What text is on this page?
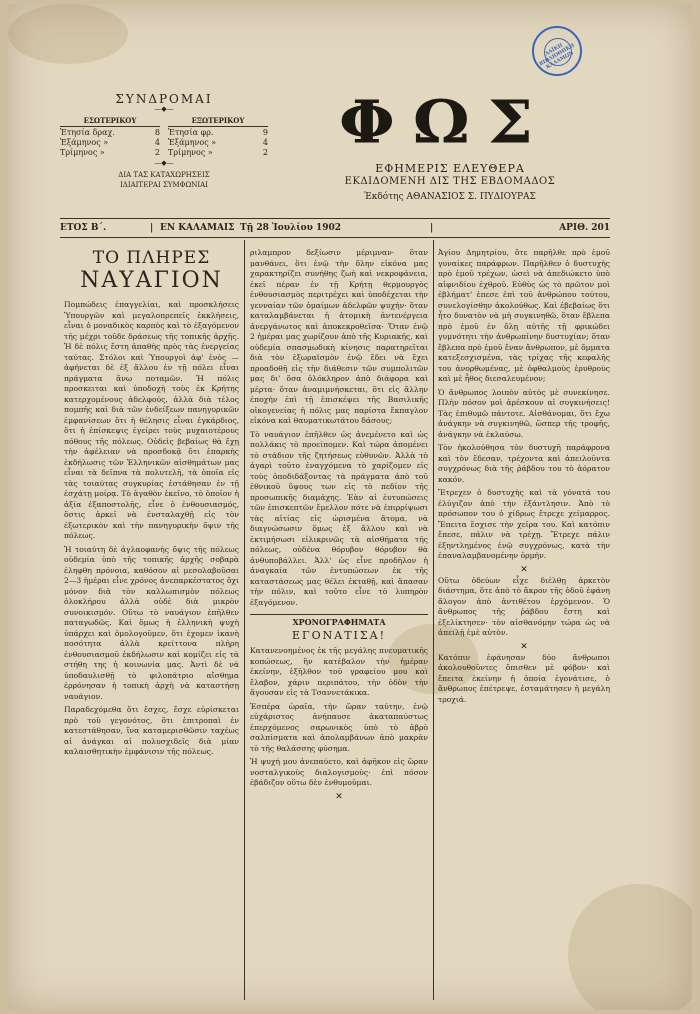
ΛΑΪΚΗ ΒΙΒΛΙΟΘΗΚΗ ΚΑΛΑΜΩΝ
ΣΥΝΔΡΟΜΑΙ
—◆—
ΕΣΩΤΕΡΙΚΟΥ
Ἐτησία δραχ.	8
Ἑξάμηνος »	4
Τρίμηνος »	2
ΕΞΩΤΕΡΙΚΟΥ
Ἐτησία φρ.	9
Ἑξάμηνος »	4
Τρίμηνος »	2
—◆—
ΔΙΑ ΤΑΣ ΚΑΤΑΧΩΡΗΣΕΙΣ
ΙΔΙΑΙΤΕΡΑΙ ΣΥΜΦΩΝΙΑΙ
ΦΩΣ
ΕΦΗΜΕΡΙΣ ΕΛΕΥΘΕΡΑ
ΕΚΔΙΔΟΜΕΝΗ ΔΙΣ ΤΗΣ ΕΒΔΟΜΑΔΟΣ
Ἐκδότης ΑΘΑΝΑΣΙΟΣ Σ. ΠΥΔΙΟΥΡΑΣ
ΕΤΟΣ Β΄.	| ΕΝ ΚΑΛΑΜΑΙΣ Τῇ 28 Ἰουλίου 1902	|	ΑΡΙΘ. 201
ΤΟ ΠΛΗΡΕΣ
ΝΑΥΑΓΙΟΝ

Πομπώδεις ἐπαγγελίαι, καὶ προσκλήσεις Ὑπουργῶν καὶ μεγαλοπρεπεῖς ἐκκλήσεις, εἶναι ὁ μοναδικὸς καρπὸς καὶ τὸ ἐξαγόμενον τῆς μέχρι τοῦδε δράσεως τῆς τοπικῆς ἀρχῆς. Ἡ δὲ πόλις ἔστη ἀπαθὴς πρὸς τὰς ἐνεργείας ταύτας. Στόλοι καὶ Ὑπουργοὶ ἀφ' ἑνὸς — ἀφήνεται δὲ ἐξ ἄλλου ἐν τῇ πόλει εἶναι πράγματα ἄνω ποταμῶν. Ἡ πόλις προσκειται καὶ ὑποδοχὴ τοὺς ἐκ Κρήτης κατερχομένους ἀδελφούς, ἀλλὰ διὰ τέλος πομπῆς καὶ διὰ τῶν ἐνδείξεων πανηγυρικῶν ἐμφανίσεων ὅτι ἡ θέλησις εἶναι ἐγκάρδιος, ὅτι ἡ ἐπίσκεψις ἐγείρει τοὺς μυχαιοτέρους πόθους τῆς πόλεως. Οὐδεὶς βεβαίως θὰ ἔχῃ τὴν ἀφέλειαν νὰ προσδοκᾷ ὅτι ἐπαρκὴς ἐκδήλωσις τῶν Ἑλληνικῶν αἰσθημάτων μας εἶναι τὰ δεῖπνα τὰ πολυτελῆ, τὰ ὁποῖα εἰς τὰς τοιαύτας συγκυρίας ἐστάθησαν ἐν τῇ ἐσχάτῃ μοίρᾳ. Τὸ ἀγαθὸν ἐκεῖνο, τὸ ὁποῖον ἡ ἀξία ἐξαποστολῆς, εἶνε ὁ ἐνθουσιασμός, ὅστις ἀρκεῖ νὰ ἐνσταλαχθῇ εἰς τὸν ἐξωτερικὸν καὶ τὴν πανηγυρικὴν ὄψιν τῆς πόλεως.

Ἡ τοιαύτη δὲ ἀγλαοφανὴς ὄψις τῆς πόλεως οὐδεμία ὑπὸ τῆς τοπικῆς ἀρχῆς σοβαρὰ ἐληφθη πρόνοια, καθόσον αἱ μεσολαβοῦσαι 2—3 ἡμέραι εἶνε χρόνος ἀνεπαρκέστατος ὄχι μόνον διὰ τὸν καλλωπισμὸν πόλεως ὁλοκλήρου ἀλλὰ οὐδὲ διὰ μικρὸν συνοικισμόν. Οὕτω τὸ ναυάγιον ἐπῆλθεν παταγωδῶς. Καὶ ὅμως ἡ ἐλληνικὴ ψυχὴ ὑπάρχει καὶ ὁμολογοῦμεν, ὅτι ἐχομεν ἱκανὴ ποσότητα ἀλλὰ κρείττονα πλήρη ἐνθουσιασμοῦ ἐκδήλωσιν καὶ κομίζει εἰς τὰ στήθη της ἡ κοινωνία μας. Ἀντὶ δὲ νὰ ὑποδαυλισθῇ τὸ φιλοπάτριο αἴσθημα ἐρρόνησαν ἡ τοπικὴ ἀρχὴ νὰ καταστήσῃ ναυάγιον.

Παραδεχόμεθα ὅτι ἔσχες, ἔσχε εὐρίσκεται πρὸ τοῦ γεγονότος, ὅτι ἐπιτροπαὶ ἐν κατεστάθησαν, ἵνα καταμερισθῶσιν ταχέως αἱ ἀνάγκαι αἱ πολυσχιδεῖς διὰ μίαν καλαισθητικὴν ἐμφάνισιν τῆς πόλεως.

ριλαμπρον δεξίωσιν μέριμναν· ὅταν μανθάνει, ὅτι ἐνῷ τὴν ὅλην εἰκόνα μας χαρακτηρίζει συνήθης ζωὴ καὶ νεκροφάνεια, ἐκεῖ πέραν ἐν τῇ Κρήτῃ θερμουργὸς ἐνθουσιασμὸς περιτρέχει καὶ ὑποδέχεται τὴν γενναίαν τῶν ὁμαίμων ἀδελφῶν ψυχήν· ὅταν καταλαμβάνεται ἡ ἀτομικὴ ἀντενέργεια ἀνεργάνωτος καὶ ἀποκεκροθεῖσα· Ὅταν ἐνῷ 2 ἡμέραι μας χωρίζουν ἀπὸ τῆς Κυριακῆς, καὶ οὐδεμία σπασμωδικὴ κίνησις παρατηρεῖται διὰ τὸν ἐξωραϊσμὸν ἐνῷ ἔδει νὰ ἔχει προαδοθῆ εἰς τὴν διάθεσιν τῶν συμπολιτῶν μας δι' ὅσα ὁλόκληρον ἀπὸ διάφορα καὶ μέρτα· ὅταν ἀναμιμνήσκεται, ὅτι εἰς ἄλλην ἐποχὴν ἐπὶ τῇ ἐπισκέψει τῆς Βασιλικῆς οἰκογενείας ἡ πόλις μας παρίστα ἔκπαγλον εἰκόνα καὶ θαυματικωτάτου δάσους;

Τὸ ναυάγιον ἐπῆλθεν ὡς ἀνεμένετο καὶ ὡς πολλάκις τὸ προείπομεν. Καὶ τώρα ἀπομένει τὸ στάδιον τῆς ζητήσεως εὐθυνῶν. Ἀλλὰ τὸ ἀγαρὶ τοῦτο ἐναγχόμενα τὸ χαρίζομεν εἰς τοὺς ὁποδιδάξοντας τὰ πράγματα ἀπὸ τοῦ ἐθνικοῦ ὕψους των εἰς τὸ πεδίον τῆς προσωπικῆς διαμάχης. Ἐὰν αἱ ἐυτυπώσεις τῶν ἐπισκεπτῶν ἔμελλον πότε νὰ ἐπιρρίψωσι τὰς αἰτίας εἰς ὡρισμένα ἄτομα, νὰ διαγνώσωσιν ὅμως ἐξ ἄλλου καὶ νὰ ἐκτιμήσωσι εἰλικρινῶς τὰ αἰσθήματα τῆς πόλεως, οὐδένα θόρυβον θόρυβον θὰ ἀνθυποβάλλει. Ἀλλ' ὡς εἶνε προδῆλον ἡ ἀναγκαία τῶν ἐντυπώσεων ἐκ τῆς καταστάσεως μας θέλει ἐκταθῇ, καὶ ἅπασαν τὴν πόλιν, καὶ τοῦτο εἶνε τὸ λυπηρὸν ἐξαγόμενον.

ΧΡΟΝΟΓΡΑΦΗΜΑΤΑ
ΕΓΟΝΑΤΙΣΑ!

Κατανενοημένος ἐκ τῆς μεγάλης πνευματικῆς κοπώσεως, ἣν κατέβαλον τὴν ἡμέραν ἐκείνην, ἐξῆλθον τοῦ γραφείου μου καὶ ἔλαβον, χάριν περιπάτου, τὴν ὁδὸν τὴν ἄγουσαν εἰς τὰ Τσαννετάκικα.

Ἑσπέρα ὡραῖα, τὴν ὥραν ταύτην, ἐνῷ εὐχάριστος ἀνήπαυσε ἀκαταπαύστως ἐπερχόμενος σαρωνικὸς ὑπὸ τὸ ἀβρὸ σαλπίσματα καὶ ἀπολαμβάνων ἀπὸ μακρὰν τὸ τῆς θαλάσσης φύσημα.

Ἡ ψυχή μου ἀνεπαύετο, καὶ ἀφῆκον εἰς ὥραν νοσταλγικοὺς διαλογισμοὺς· ἐπὶ πόσον ἐβάδιζον οὕτω δὲν ἐνθυμοῦμαι.

✕

Ἀγίου Δημητρίου, ὅτε παρῆλθε πρὸ ἐμοῦ γυναίκες παράφρων. Παρῆλθεν ὁ δυστυχὴς πρὸ ἐμοῦ τρέχων, ὡσεὶ νὰ ἀπεδιώκετο ὑπὸ αἰφνιδίου ἐχθροῦ. Εὐθὺς ὡς τὸ πρῶτον μοὶ ἐβλήματ' ἐπεσε ἐπὶ τοῦ ἀνθρώπου τούτου, συνελογίσθην ἀκολούθως. Καὶ ἐβεβαίως ὅτι ἦτο δυνατὸν νὰ μὴ συγκινηθῶ, ὅταν ἔβλεπα πρὸ ἐμοῦ ἐν ὄλῃ αὐτῆς τῇ φρικώδει γυμνότητι τὴν ἀνθρωπίνην δυστυχίαν; ὅταν ἔβλεπα πρὸ ἐμοῦ ἕναν ἄνθρωπον, μὲ ὄμματα κατεξεσχισμένα, τὰς τρίχας τῆς κεφαλῆς του ἀνορθωμένας, μὲ ὀφθαλμοὺς ἐρυθροὺς καὶ μὲ ἦθος διεσαλευμένον;

Ὁ ἄνθρωπος λοιπὸν αὐτὸς μὲ συνεκίνησε. Πλὴν πόσον μοὶ ἀρέσκουν αἱ συγκινήσεις! Τὰς ἐπιθυμῶ πάντοτε. Αἰσθάνομαι, ὅτι ἔχω ἀνάγκην νὰ συγκινηθῶ, ὥσπερ τῆς τροφῆς, ἀνάγκην νὰ ἐκλαύσω.

Τὸν ἠκολούθησα τὸν δυστυχῆ παράφρονα καὶ τὸν ἔδεσαν, τρέχοντα καὶ ἀπειλοῦντα συγχρόνως διὰ τῆς ῥάβδου του τὸ ἀόρατον κακόν.

Ἔτρεχεν ὁ δυστυχὴς καὶ τὰ γόνατά του ἐλύγιζον ἀπὸ τὴν ἐξάντλησιν. Ἀπὸ τὸ πρόσωπον του ὁ χίδρως ἔτρεχε χείμαρρος. Ἔπειτα ἔσχισε τὴν χεῖρα του. Καὶ κατόπιν ἔπεσε, πάλιν νὰ τρέχῃ. Ἔτρεχε πάλιν ἐξηντλημένος ἐνῷ συγχρόνως, κατὰ τὴν ἐπαναλαμβανομένην ὁρμήν.

✕

Οὕτω ὁδεύων εἶχε διέλθῃ ἀρκετὸν διάστημα, ὅτε ἀπὸ τὸ ἄκρον τῆς ὁδοῦ ἐφάνη ἄλογον ἀπὸ ἀντιθέτου ἐρχόμενον. Ὁ ἄνθρωπος τῆς ῥάβδου ἔστη καὶ ἐξελίκτησεν· τὸν αἰσθανόμην τώρα ὡς νὰ ἀπειλῇ ἐμὲ αὐτὸν.

✕

Κατόπιν ἐφάνησαν δύο ἄνθρωποι ἀκολουθοῦντες ὄπισθεν μὲ φόβον· καὶ ἔπειτα ἐκείνην ἡ ὁποία ἐγονάτισε, ὁ ἄνθρωπος ἐπέτρεψε, ἐσταμάτησεν ἡ μεγάλη τροχιά.
